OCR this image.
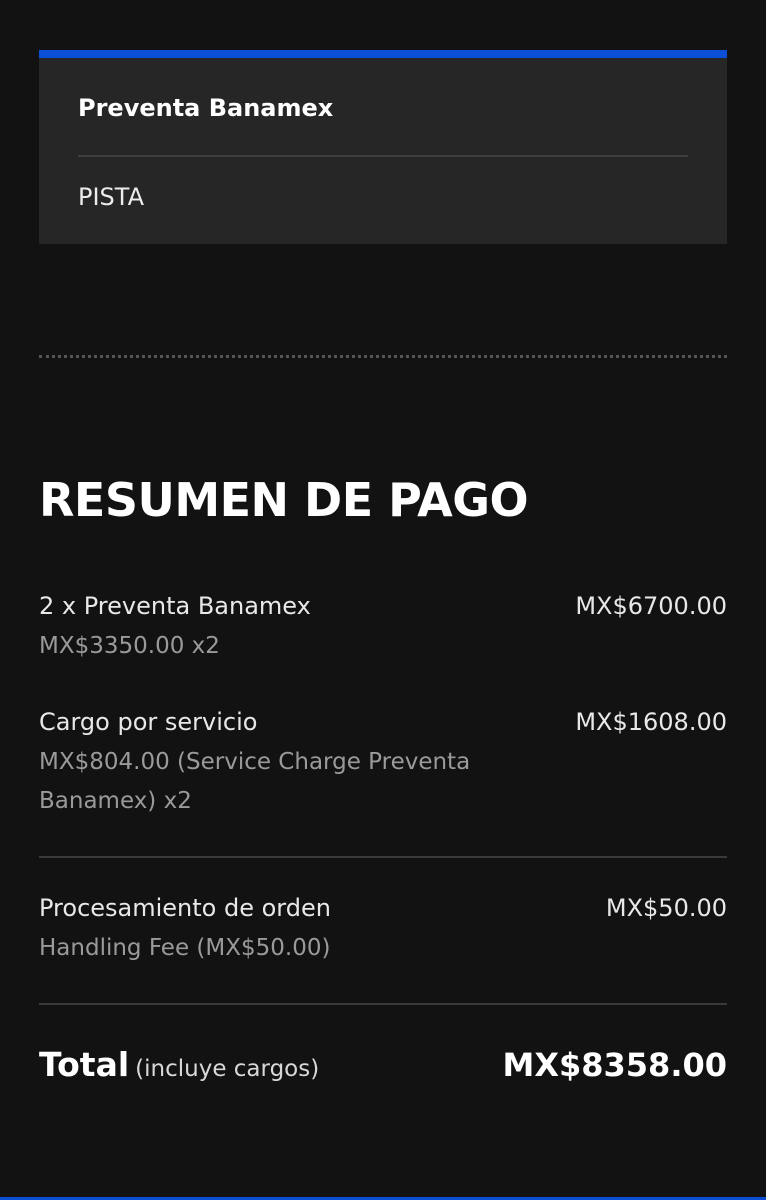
Preventa Banamex
PISTA
RESUMEN DE PAGO
2 x Preventa Banamex	MX$6700.00
MX$3350.00 x2
Cargo por servicio	MX$1608.00
MX$804.00 (Service Charge Preventa Banamex) x2
Procesamiento de orden	MX$50.00
Handling Fee (MX$50.00)
Total (incluye cargos)	MX$8358.00
